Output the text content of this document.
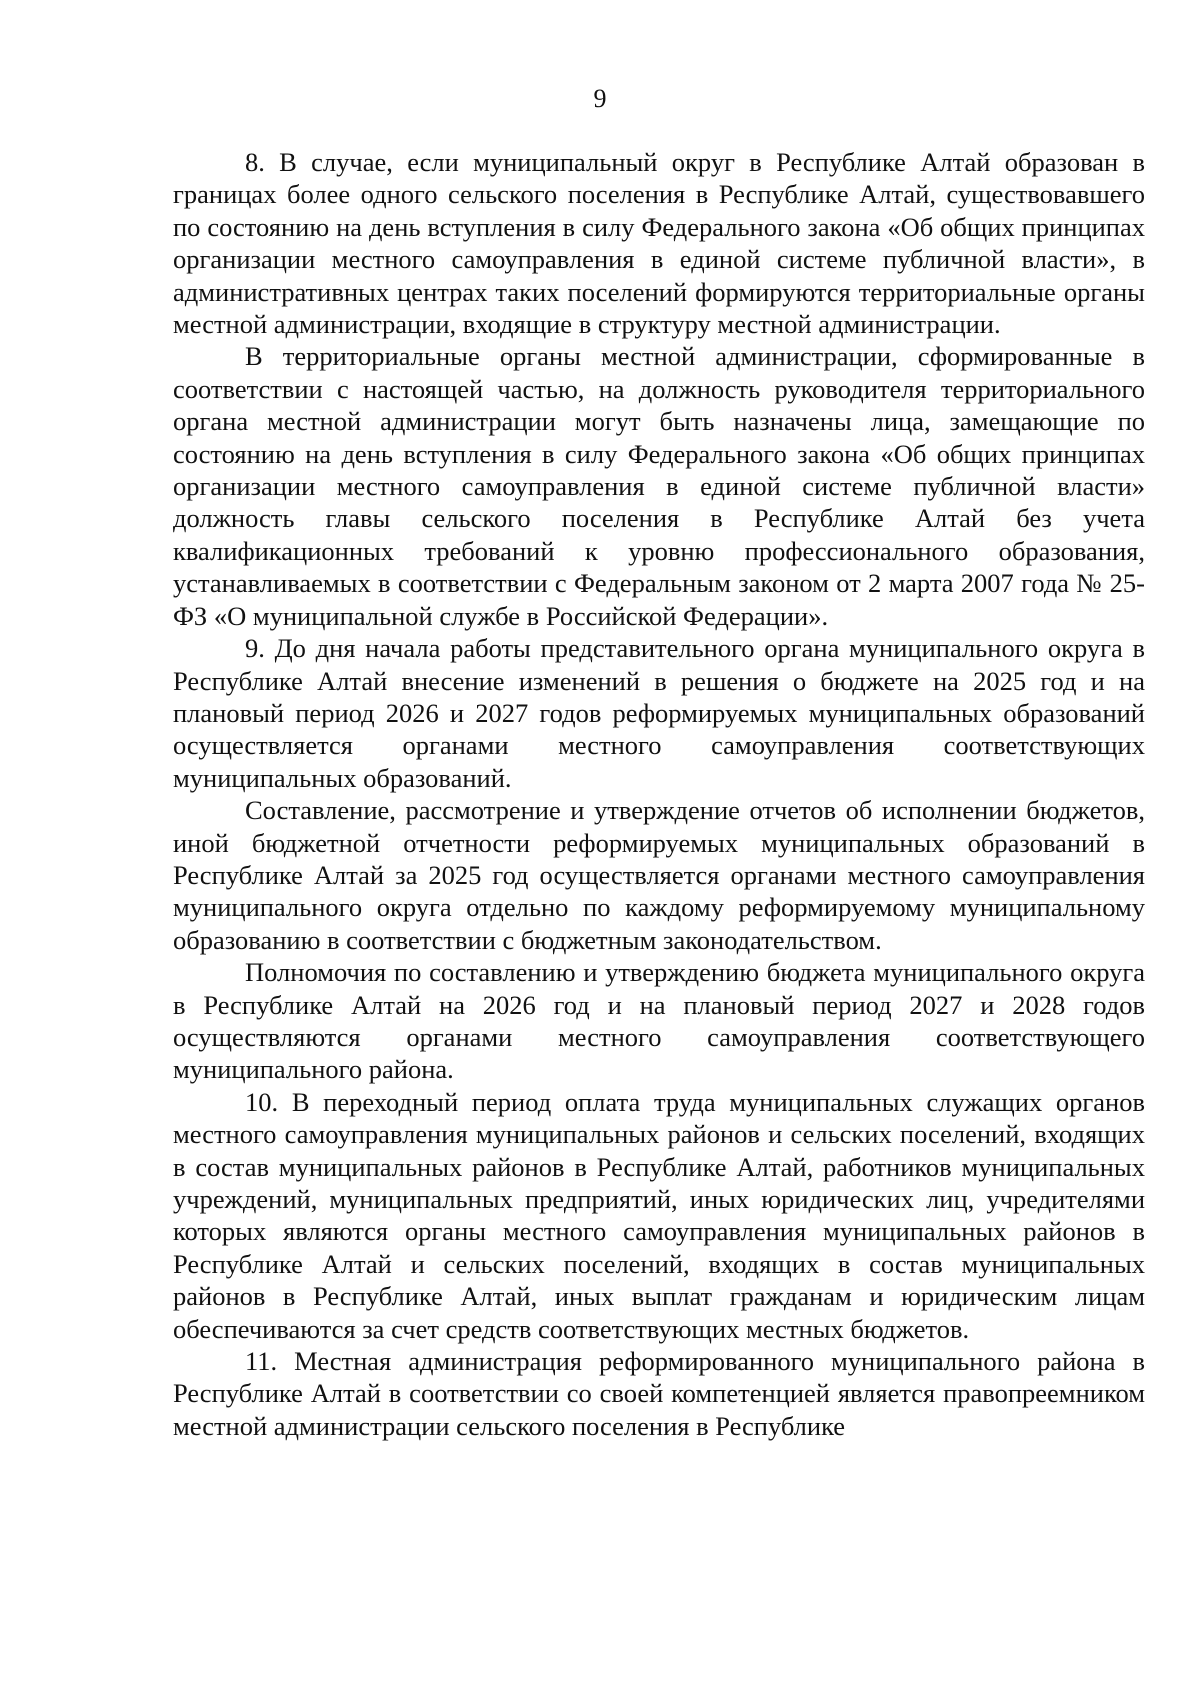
9

8. В случае, если муниципальный округ в Республике Алтай образован в границах более одного сельского поселения в Республике Алтай, существовавшего по состоянию на день вступления в силу Федерального закона «Об общих принципах организации местного самоуправления в единой системе публичной власти», в административных центрах таких поселений формируются территориальные органы местной администрации, входящие в структуру местной администрации.

В территориальные органы местной администрации, сформированные в соответствии с настоящей частью, на должность руководителя территориального органа местной администрации могут быть назначены лица, замещающие по состоянию на день вступления в силу Федерального закона «Об общих принципах организации местного самоуправления в единой системе публичной власти» должность главы сельского поселения в Республике Алтай без учета квалификационных требований к уровню профессионального образования, устанавливаемых в соответствии с Федеральным законом от 2 марта 2007 года № 25-ФЗ «О муниципальной службе в Российской Федерации».

9. До дня начала работы представительного органа муниципального округа в Республике Алтай внесение изменений в решения о бюджете на 2025 год и на плановый период 2026 и 2027 годов реформируемых муниципальных образований осуществляется органами местного самоуправления соответствующих муниципальных образований.

Составление, рассмотрение и утверждение отчетов об исполнении бюджетов, иной бюджетной отчетности реформируемых муниципальных образований в Республике Алтай за 2025 год осуществляется органами местного самоуправления муниципального округа отдельно по каждому реформируемому муниципальному образованию в соответствии с бюджетным законодательством.

Полномочия по составлению и утверждению бюджета муниципального округа в Республике Алтай на 2026 год и на плановый период 2027 и 2028 годов осуществляются органами местного самоуправления соответствующего муниципального района.

10. В переходный период оплата труда муниципальных служащих органов местного самоуправления муниципальных районов и сельских поселений, входящих в состав муниципальных районов в Республике Алтай, работников муниципальных учреждений, муниципальных предприятий, иных юридических лиц, учредителями которых являются органы местного самоуправления муниципальных районов в Республике Алтай и сельских поселений, входящих в состав муниципальных районов в Республике Алтай, иных выплат гражданам и юридическим лицам обеспечиваются за счет средств соответствующих местных бюджетов.

11. Местная администрация реформированного муниципального района в Республике Алтай в соответствии со своей компетенцией является правопреемником местной администрации сельского поселения в Республике
